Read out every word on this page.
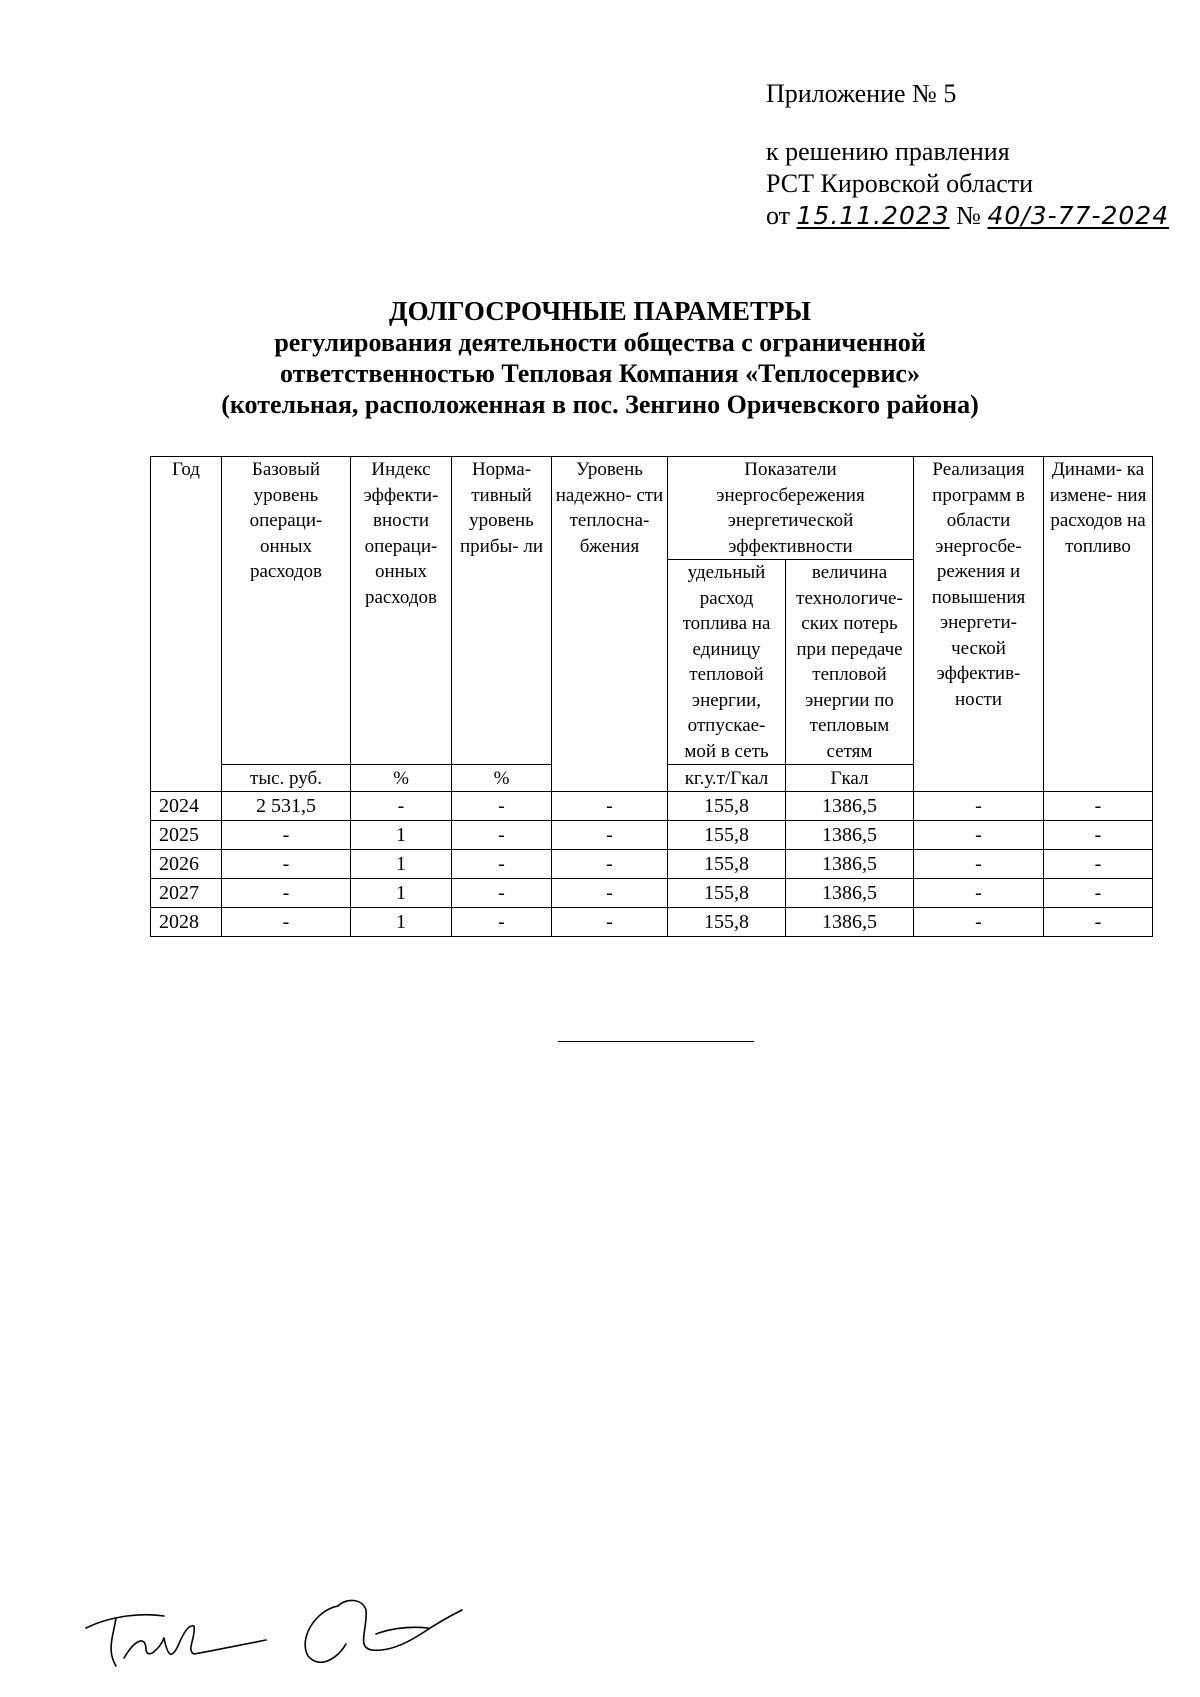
Приложение № 5
к решению правления
РСТ Кировской области
от 15.11.2023 № 40/3-77-2024
ДОЛГОСРОЧНЫЕ ПАРАМЕТРЫ
регулирования деятельности общества с ограниченной
ответственностью Тепловая Компания «Теплосервис»
(котельная, расположенная в пос. Зенгино Оричевского района)
Год	Базовый уровень операци- онных расходов	Индекс эффекти- вности операци- онных расходов	Норма- тивный уровень прибы- ли	Уровень надежно- сти теплосна- бжения	Показатели энергосбережения энергетической эффективности		Реализация программ в области энергосбе- режения и повышения энергети- ческой эффектив- ности	Динами- ка измене- ния расходов на топливо
					удельный расход топлива на единицу тепловой энергии, отпускае- мой в сеть	величина технологиче- ских потерь при передаче тепловой энергии по тепловым сетям		
	тыс. руб.	%	%		кг.у.т/Гкал	Гкал		
2024	2 531,5	-	-	-	155,8	1386,5	-	-
2025	-	1	-	-	155,8	1386,5	-	-
2026	-	1	-	-	155,8	1386,5	-	-
2027	-	1	-	-	155,8	1386,5	-	-
2028	-	1	-	-	155,8	1386,5	-	-
